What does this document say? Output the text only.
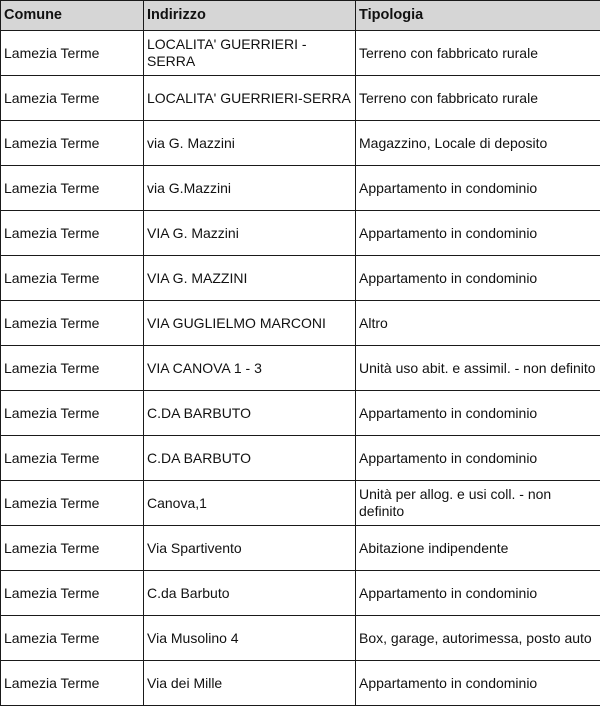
Comune	Indirizzo	Tipologia
Lamezia Terme	LOCALITA' GUERRIERI - SERRA	Terreno con fabbricato rurale
Lamezia Terme	LOCALITA' GUERRIERI-SERRA	Terreno con fabbricato rurale
Lamezia Terme	via G. Mazzini	Magazzino, Locale di deposito
Lamezia Terme	via G.Mazzini	Appartamento in condominio
Lamezia Terme	VIA G. Mazzini	Appartamento in condominio
Lamezia Terme	VIA G. MAZZINI	Appartamento in condominio
Lamezia Terme	VIA GUGLIELMO MARCONI	Altro
Lamezia Terme	VIA CANOVA 1 - 3	Unità uso abit. e assimil. - non definito
Lamezia Terme	C.DA BARBUTO	Appartamento in condominio
Lamezia Terme	C.DA BARBUTO	Appartamento in condominio
Lamezia Terme	Canova,1	Unità per allog. e usi coll. - non definito
Lamezia Terme	Via Spartivento	Abitazione indipendente
Lamezia Terme	C.da Barbuto	Appartamento in condominio
Lamezia Terme	Via Musolino 4	Box, garage, autorimessa, posto auto
Lamezia Terme	Via dei Mille	Appartamento in condominio
